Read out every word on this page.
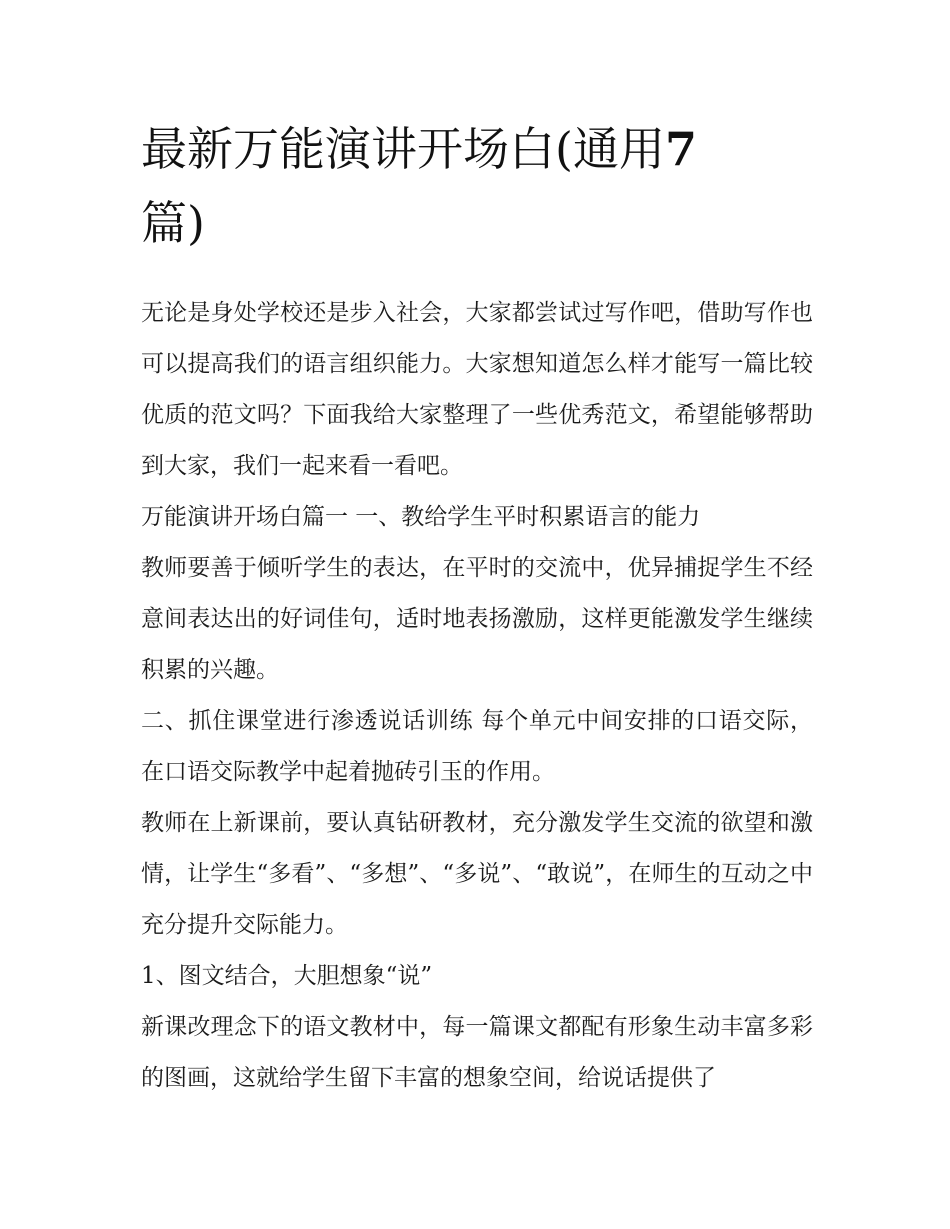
最新万能演讲开场白(通用7
篇)

无论是身处学校还是步入社会，大家都尝试过写作吧，借助写作也可以提高我们的语言组织能力。大家想知道怎么样才能写一篇比较优质的范文吗？下面我给大家整理了一些优秀范文，希望能够帮助到大家，我们一起来看一看吧。

万能演讲开场白篇一 一、教给学生平时积累语言的能力

教师要善于倾听学生的表达，在平时的交流中，优异捕捉学生不经意间表达出的好词佳句，适时地表扬激励，这样更能激发学生继续积累的兴趣。

二、抓住课堂进行渗透说话训练 每个单元中间安排的口语交际，在口语交际教学中起着抛砖引玉的作用。

教师在上新课前，要认真钻研教材，充分激发学生交流的欲望和激情，让学生“多看”、“多想”、“多说”、“敢说”，在师生的互动之中充分提升交际能力。

1、图文结合，大胆想象“说”

新课改理念下的语文教材中，每一篇课文都配有形象生动丰富多彩的图画，这就给学生留下丰富的想象空间，给说话提供了
